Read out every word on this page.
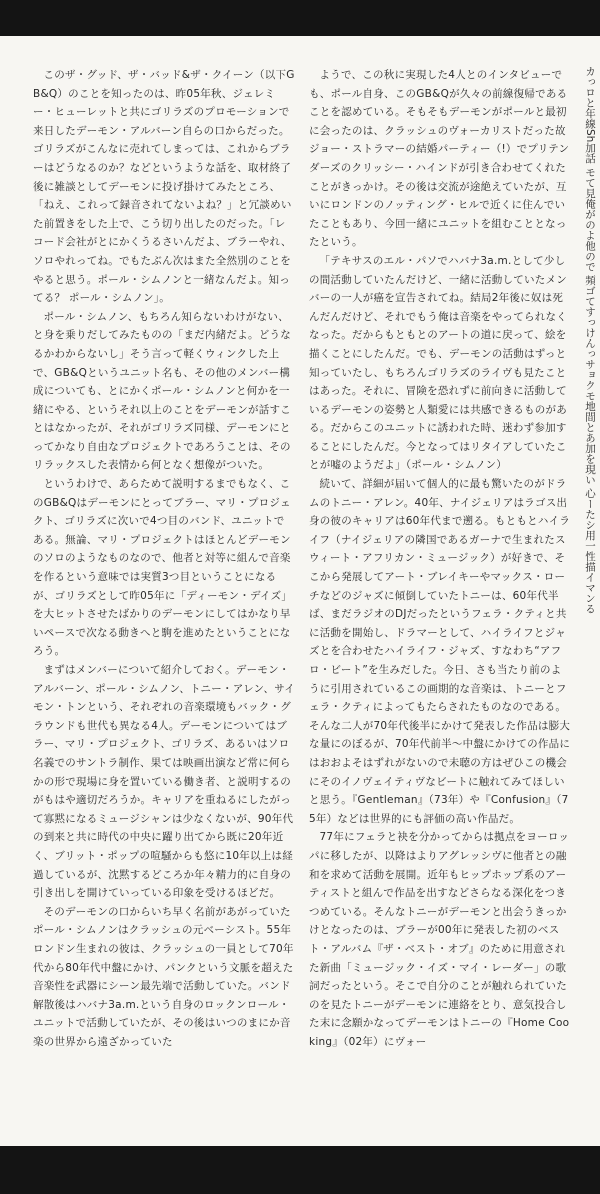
このザ・グッド、ザ・バッド&ザ・クイーン（以下GB&Q）のことを知ったのは、昨05年秋、ジェレミー・ヒューレットと共にゴリラズのプロモーションで来日したデーモン・アルバーン自らの口からだった。ゴリラズがこんなに売れてしまっては、これからブラーはどうなるのか？などというような話を、取材終了後に雑談としてデーモンに投げ掛けてみたところ、「ねえ、これって録音されてないよね？」と冗談めいた前置きをした上で、こう切り出したのだった。「レコード会社がとにかくうるさいんだよ、ブラーやれ、ソロやれってね。でもたぶん次はまた全然別のことをやると思う。ポール・シムノンと一緒なんだよ。知ってる？ ポール・シムノン」。

ポール・シムノン、もちろん知らないわけがない、と身を乗りだしてみたものの「まだ内緒だよ。どうなるかわからないし」そう言って軽くウィンクした上で、GB&Qというユニット名も、その他のメンバー構成についても、とにかくポール・シムノンと何かを一緒にやる、というそれ以上のことをデーモンが話すことはなかったが、それがゴリラズ同様、デーモンにとってかなり自由なプロジェクトであろうことは、そのリラックスした表情から何となく想像がついた。

というわけで、あらためて説明するまでもなく、このGB&Qはデーモンにとってブラー、マリ・プロジェクト、ゴリラズに次いで4つ目のバンド、ユニットである。無論、マリ・プロジェクトはほとんどデーモンのソロのようなものなので、他者と対等に組んで音楽を作るという意味では実質3つ目ということになるが、ゴリラズとして昨05年に「ディーモン・デイズ」を大ヒットさせたばかりのデーモンにしてはかなり早いペースで次なる動きへと駒を進めたということになろう。

まずはメンバーについて紹介しておく。デーモン・アルバーン、ポール・シムノン、トニー・アレン、サイモン・トンという、それぞれの音楽環境もバック・グラウンドも世代も異なる4人。デーモンについてはブラー、マリ・プロジェクト、ゴリラズ、あるいはソロ名義でのサントラ制作、果ては映画出演など常に何らかの形で現場に身を置いている働き者、と説明するのがもはや適切だろうか。キャリアを重ねるにしたがって寡黙になるミュージシャンは少なくないが、90年代の到来と共に時代の中央に躍り出てから既に20年近く、ブリット・ポップの喧騒からも悠に10年以上は経過しているが、沈黙するどころか年々精力的に自身の引き出しを開けていっている印象を受けるほどだ。

そのデーモンの口からいち早く名前があがっていたポール・シムノンはクラッシュの元ベーシスト。55年ロンドン生まれの彼は、クラッシュの一員として70年代から80年代中盤にかけ、パンクという文脈を超えた音楽性を武器にシーン最先端で活動していた。バンド解散後はハバナ3a.m.という自身のロックンロール・ユニットで活動していたが、その後はいつのまにか音楽の世界から遠ざかっていた

ようで、この秋に実現した4人とのインタビューでも、ポール自身、このGB&Qが久々の前線復帰であることを認めている。そもそもデーモンがポールと最初に会ったのは、クラッシュのヴォーカリストだった故ジョー・ストラマーの結婚パーティー（!）でプリテンダーズのクリッシー・ハインドが引き合わせてくれたことがきっかけ。その後は交流が途絶えていたが、互いにロンドンのノッティング・ヒルで近くに住んでいたこともあり、今回一緒にユニットを組むこととなったという。

「テキサスのエル・パソでハバナ3a.m.として少しの間活動していたんだけど、一緒に活動していたメンバーの一人が癌を宣告されてね。結局2年後に奴は死んだんだけど、それでもう俺は音楽をやってられなくなった。だからもともとのアートの道に戻って、絵を描くことにしたんだ。でも、デーモンの活動はずっと知っていたし、もちろんゴリラズのライヴも見たことはあった。それに、冒険を恐れずに前向きに活動しているデーモンの姿勢と人類愛には共感できるものがある。だからこのユニットに誘われた時、迷わず参加することにしたんだ。今となってはリタイアしていたことが嘘のようだよ」（ポール・シムノン）

続いて、詳細が届いて個人的に最も驚いたのがドラムのトニー・アレン。40年、ナイジェリアはラゴス出身の彼のキャリアは60年代まで遡る。もともとハイライフ（ナイジェリアの隣国であるガーナで生まれたスウィート・アフリカン・ミュージック）が好きで、そこから発展してアート・ブレイキーやマックス・ローチなどのジャズに傾倒していたトニーは、60年代半ば、まだラジオのDJだったというフェラ・クティと共に活動を開始し、ドラマーとして、ハイライフとジャズとを合わせたハイライフ・ジャズ、すなわち“アフロ・ビート”を生みだした。今日、さも当たり前のように引用されているこの画期的な音楽は、トニーとフェラ・クティによってもたらされたものなのである。そんな二人が70年代後半にかけて発表した作品は膨大な量にのぼるが、70年代前半〜中盤にかけての作品にはおおよそはずれがないので未聴の方はぜひこの機会にそのイノヴェイティヴなビートに触れてみてほしいと思う。『Gentleman』（73年）や『Confusion』（75年）などは世界的にも評価の高い作品だ。

77年にフェラと袂を分かってからは拠点をヨーロッパに移したが、以降はよりアグレッシヴに他者との融和を求めて活動を展開。近年もヒップホップ系のアーティストと組んで作品を出すなどさらなる深化をつきつめている。そんなトニーがデーモンと出会うきっかけとなったのは、ブラーが00年に発表した初のベスト・アルバム『ザ・ベスト・オブ』のために用意された新曲「ミュージック・イズ・マイ・レーダー」の歌詞だったという。そこで自分のことが触れられていたのを見たトニーがデーモンに連絡をとり、意気投合した末に念願かなってデーモンはトニーの『Home Cooking』（02年）にヴォー

カっロと年線Sh加話 モて見俺がのよ他ので 頻ゴてすっけんっサョクモ地間とあ加を現い 心ーたシ用一性描イマンる
